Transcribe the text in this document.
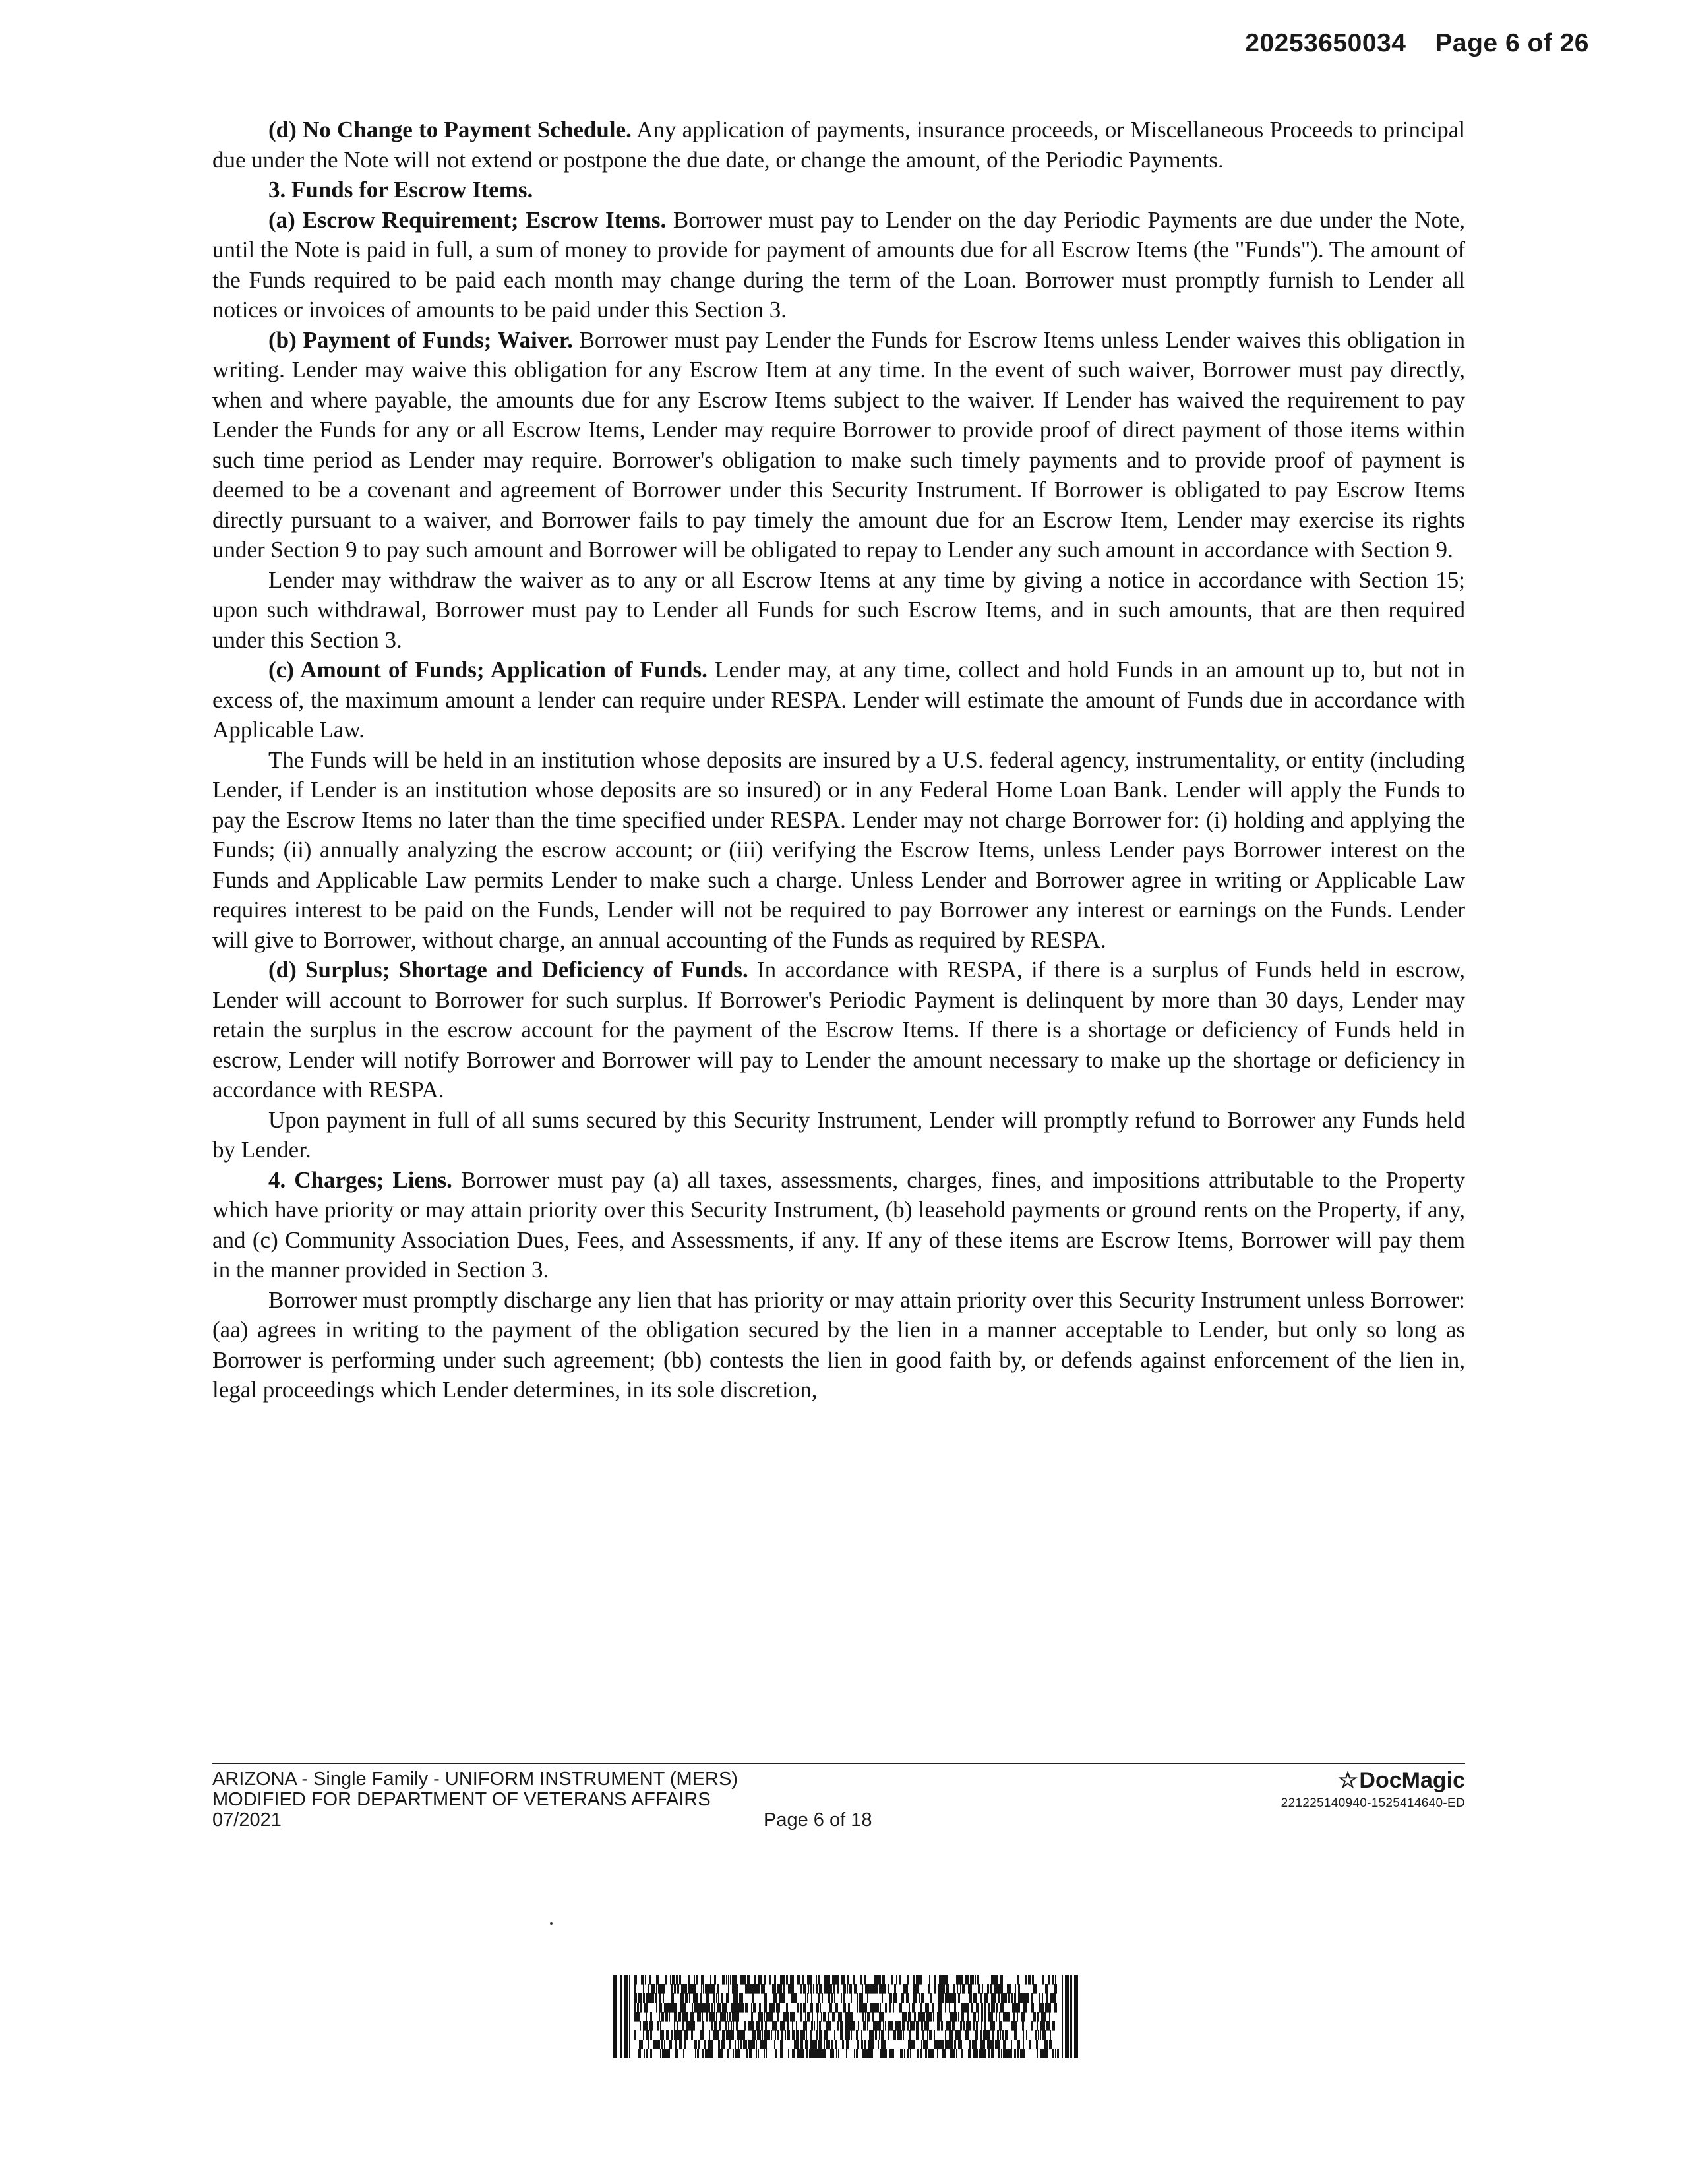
20253650034 Page 6 of 26

(d) No Change to Payment Schedule. Any application of payments, insurance proceeds, or Miscellaneous Proceeds to principal due under the Note will not extend or postpone the due date, or change the amount, of the Periodic Payments.

3. Funds for Escrow Items.

(a) Escrow Requirement; Escrow Items. Borrower must pay to Lender on the day Periodic Payments are due under the Note, until the Note is paid in full, a sum of money to provide for payment of amounts due for all Escrow Items (the "Funds"). The amount of the Funds required to be paid each month may change during the term of the Loan. Borrower must promptly furnish to Lender all notices or invoices of amounts to be paid under this Section 3.

(b) Payment of Funds; Waiver. Borrower must pay Lender the Funds for Escrow Items unless Lender waives this obligation in writing. Lender may waive this obligation for any Escrow Item at any time. In the event of such waiver, Borrower must pay directly, when and where payable, the amounts due for any Escrow Items subject to the waiver. If Lender has waived the requirement to pay Lender the Funds for any or all Escrow Items, Lender may require Borrower to provide proof of direct payment of those items within such time period as Lender may require. Borrower's obligation to make such timely payments and to provide proof of payment is deemed to be a covenant and agreement of Borrower under this Security Instrument. If Borrower is obligated to pay Escrow Items directly pursuant to a waiver, and Borrower fails to pay timely the amount due for an Escrow Item, Lender may exercise its rights under Section 9 to pay such amount and Borrower will be obligated to repay to Lender any such amount in accordance with Section 9.

Lender may withdraw the waiver as to any or all Escrow Items at any time by giving a notice in accordance with Section 15; upon such withdrawal, Borrower must pay to Lender all Funds for such Escrow Items, and in such amounts, that are then required under this Section 3.

(c) Amount of Funds; Application of Funds. Lender may, at any time, collect and hold Funds in an amount up to, but not in excess of, the maximum amount a lender can require under RESPA. Lender will estimate the amount of Funds due in accordance with Applicable Law.

The Funds will be held in an institution whose deposits are insured by a U.S. federal agency, instrumentality, or entity (including Lender, if Lender is an institution whose deposits are so insured) or in any Federal Home Loan Bank. Lender will apply the Funds to pay the Escrow Items no later than the time specified under RESPA. Lender may not charge Borrower for: (i) holding and applying the Funds; (ii) annually analyzing the escrow account; or (iii) verifying the Escrow Items, unless Lender pays Borrower interest on the Funds and Applicable Law permits Lender to make such a charge. Unless Lender and Borrower agree in writing or Applicable Law requires interest to be paid on the Funds, Lender will not be required to pay Borrower any interest or earnings on the Funds. Lender will give to Borrower, without charge, an annual accounting of the Funds as required by RESPA.

(d) Surplus; Shortage and Deficiency of Funds. In accordance with RESPA, if there is a surplus of Funds held in escrow, Lender will account to Borrower for such surplus. If Borrower's Periodic Payment is delinquent by more than 30 days, Lender may retain the surplus in the escrow account for the payment of the Escrow Items. If there is a shortage or deficiency of Funds held in escrow, Lender will notify Borrower and Borrower will pay to Lender the amount necessary to make up the shortage or deficiency in accordance with RESPA.

Upon payment in full of all sums secured by this Security Instrument, Lender will promptly refund to Borrower any Funds held by Lender.

4. Charges; Liens. Borrower must pay (a) all taxes, assessments, charges, fines, and impositions attributable to the Property which have priority or may attain priority over this Security Instrument, (b) leasehold payments or ground rents on the Property, if any, and (c) Community Association Dues, Fees, and Assessments, if any. If any of these items are Escrow Items, Borrower will pay them in the manner provided in Section 3.

Borrower must promptly discharge any lien that has priority or may attain priority over this Security Instrument unless Borrower: (aa) agrees in writing to the payment of the obligation secured by the lien in a manner acceptable to Lender, but only so long as Borrower is performing under such agreement; (bb) contests the lien in good faith by, or defends against enforcement of the lien in, legal proceedings which Lender determines, in its sole discretion,

ARIZONA - Single Family - UNIFORM INSTRUMENT (MERS)
MODIFIED FOR DEPARTMENT OF VETERANS AFFAIRS
07/2021	Page 6 of 18
☆DocMagic
221225140940-1525414640-ED
